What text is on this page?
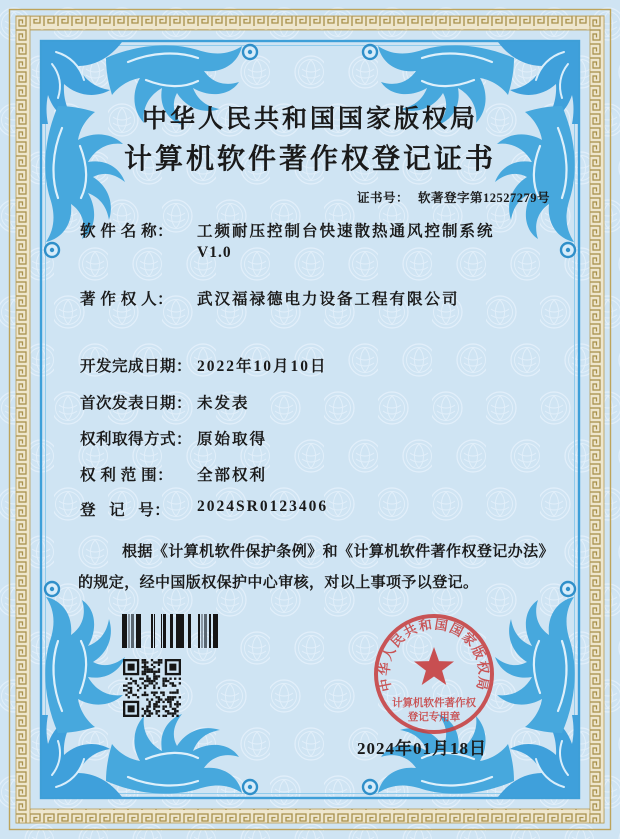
中华人民共和国国家版权局
计算机软件著作权登记证书
证书号： 软著登字第12527279号
软 件 名 称： 工频耐压控制台快速散热通风控制系统
V1.0
著 作 权 人： 武汉福禄德电力设备工程有限公司
开发完成日期： 2022年10月10日
首次发表日期： 未发表
权利取得方式： 原始取得
权 利 范 围： 全部权利
登   记   号： 2024SR0123406
根据《计算机软件保护条例》和《计算机软件著作权登记办法》的规定，经中国版权保护中心审核，对以上事项予以登记。
中华人民共和国国家版权局
计算机软件著作权
登记专用章
2024年01月18日
